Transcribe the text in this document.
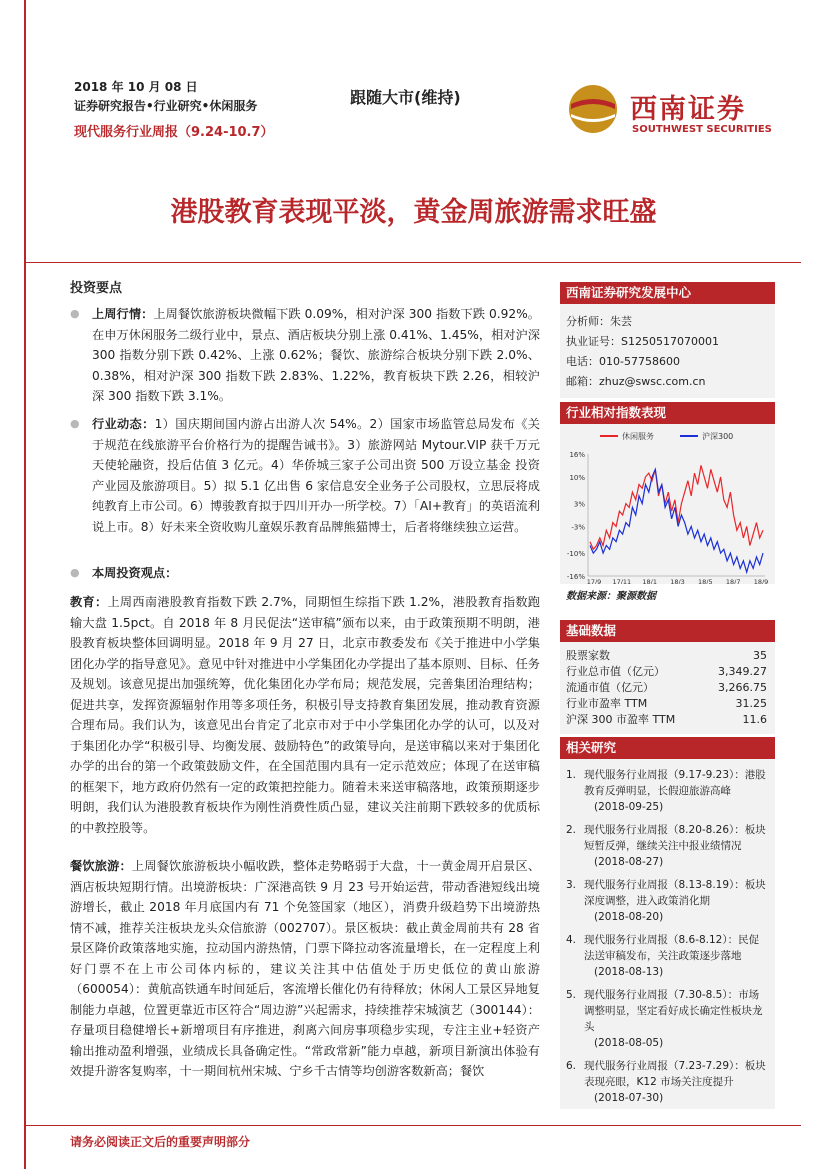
2018 年 10 月 08 日
证券研究报告•行业研究•休闲服务
现代服务行业周报（9.24-10.7）
跟随大市(维持)	西南证券
SOUTHWEST SECURITIES
港股教育表现平淡，黄金周旅游需求旺盛
投资要点
● 上周行情：上周餐饮旅游板块微幅下跌 0.09%，相对沪深 300 指数下跌 0.92%。在申万休闲服务二级行业中，景点、酒店板块分别上涨 0.41%、1.45%，相对沪深 300 指数分别下跌 0.42%、上涨 0.62%；餐饮、旅游综合板块分别下跌 2.0%、0.38%，相对沪深 300 指数下跌 2.83%、1.22%，教育板块下跌 2.26，相较沪深 300 指数下跌 3.1%。
● 行业动态：1）国庆期间国内游占出游人次 54%。2）国家市场监管总局发布《关于规范在线旅游平台价格行为的提醒告诫书》。3）旅游网站 Mytour.VIP 获千万元天使轮融资，投后估值 3 亿元。4）华侨城三家子公司出资 500 万设立基金 投资产业园及旅游项目。5）拟 5.1 亿出售 6 家信息安全业务子公司股权，立思辰将成纯教育上市公司。6）博骏教育拟于四川开办一所学校。7）「AI+教育」的英语流利说上市。8）好未来全资收购儿童娱乐教育品牌熊猫博士，后者将继续独立运营。
● 本周投资观点：
教育：上周西南港股教育指数下跌 2.7%，同期恒生综指下跌 1.2%，港股教育指数跑输大盘 1.5pct。自 2018 年 8 月民促法“送审稿”颁布以来，由于政策预期不明朗，港股教育板块整体回调明显。2018 年 9 月 27 日，北京市教委发布《关于推进中小学集团化办学的指导意见》。意见中针对推进中小学集团化办学提出了基本原则、目标、任务及规划。该意见提出加强统筹，优化集团化办学布局；规范发展，完善集团治理结构；促进共享，发挥资源辐射作用等多项任务，积极引导支持教育集团发展，推动教育资源合理布局。我们认为，该意见出台肯定了北京市对于中小学集团化办学的认可，以及对于集团化办学“积极引导、均衡发展、鼓励特色”的政策导向，是送审稿以来对于集团化办学的出台的第一个政策鼓励文件，在全国范围内具有一定示范效应；体现了在送审稿的框架下，地方政府仍然有一定的政策把控能力。随着未来送审稿落地，政策预期逐步明朗，我们认为港股教育板块作为刚性消费性质凸显，建议关注前期下跌较多的优质标的中教控股等。
餐饮旅游：上周餐饮旅游板块小幅收跌，整体走势略弱于大盘，十一黄金周开启景区、酒店板块短期行情。出境游板块：广深港高铁 9 月 23 号开始运营，带动香港短线出境游增长，截止 2018 年月底国内有 71 个免签国家（地区），消费升级趋势下出境游热情不减，推荐关注板块龙头众信旅游（002707）。景区板块：截止黄金周前共有 28 省景区降价政策落地实施，拉动国内游热情，门票下降拉动客流量增长，在一定程度上利好门票不在上市公司体内标的，建议关注其中估值处于历史低位的黄山旅游（600054）：黄航高铁通车时间延后，客流增长催化仍有待释放；休闲人工景区异地复制能力卓越，位置更靠近市区符合“周边游”兴起需求，持续推荐宋城演艺（300144）：存量项目稳健增长+新增项目有序推进，刹离六间房事项稳步实现，专注主业+轻资产输出推动盈利增强，业绩成长具备确定性。“常政常新”能力卓越，新项目新演出体验有效提升游客复购率，十一期间杭州宋城、宁乡千古情等均创游客数新高；餐饮
西南证券研究发展中心
分析师：朱芸
执业证号：S1250517070001
电话：010-57758600
邮箱：zhuz@swsc.com.cn
行业相对指数表现
休闲服务	沪深300
16%
10%
3%
-3%
-10%
-16%
17/9 17/11 18/1 18/3 18/5 18/7 18/9
数据来源：聚源数据
基础数据
股票家数	35
行业总市值（亿元）	3,349.27
流通市值（亿元）	3,266.75
行业市盈率 TTM	31.25
沪深 300 市盈率 TTM	11.6
相关研究
1. 现代服务行业周报（9.17-9.23）：港股教育反弹明显，长假迎旅游高峰
(2018-09-25)
2. 现代服务行业周报（8.20-8.26）：板块短暂反弹，继续关注中报业绩情况
(2018-08-27)
3. 现代服务行业周报（8.13-8.19）：板块深度调整，进入政策消化期
(2018-08-20)
4. 现代服务行业周报（8.6-8.12）：民促法送审稿发布，关注政策逐步落地
(2018-08-13)
5. 现代服务行业周报（7.30-8.5）：市场调整明显，坚定看好成长确定性板块龙头
(2018-08-05)
6. 现代服务行业周报（7.23-7.29）：板块表现亮眼，K12 市场关注度提升
(2018-07-30)
请务必阅读正文后的重要声明部分
